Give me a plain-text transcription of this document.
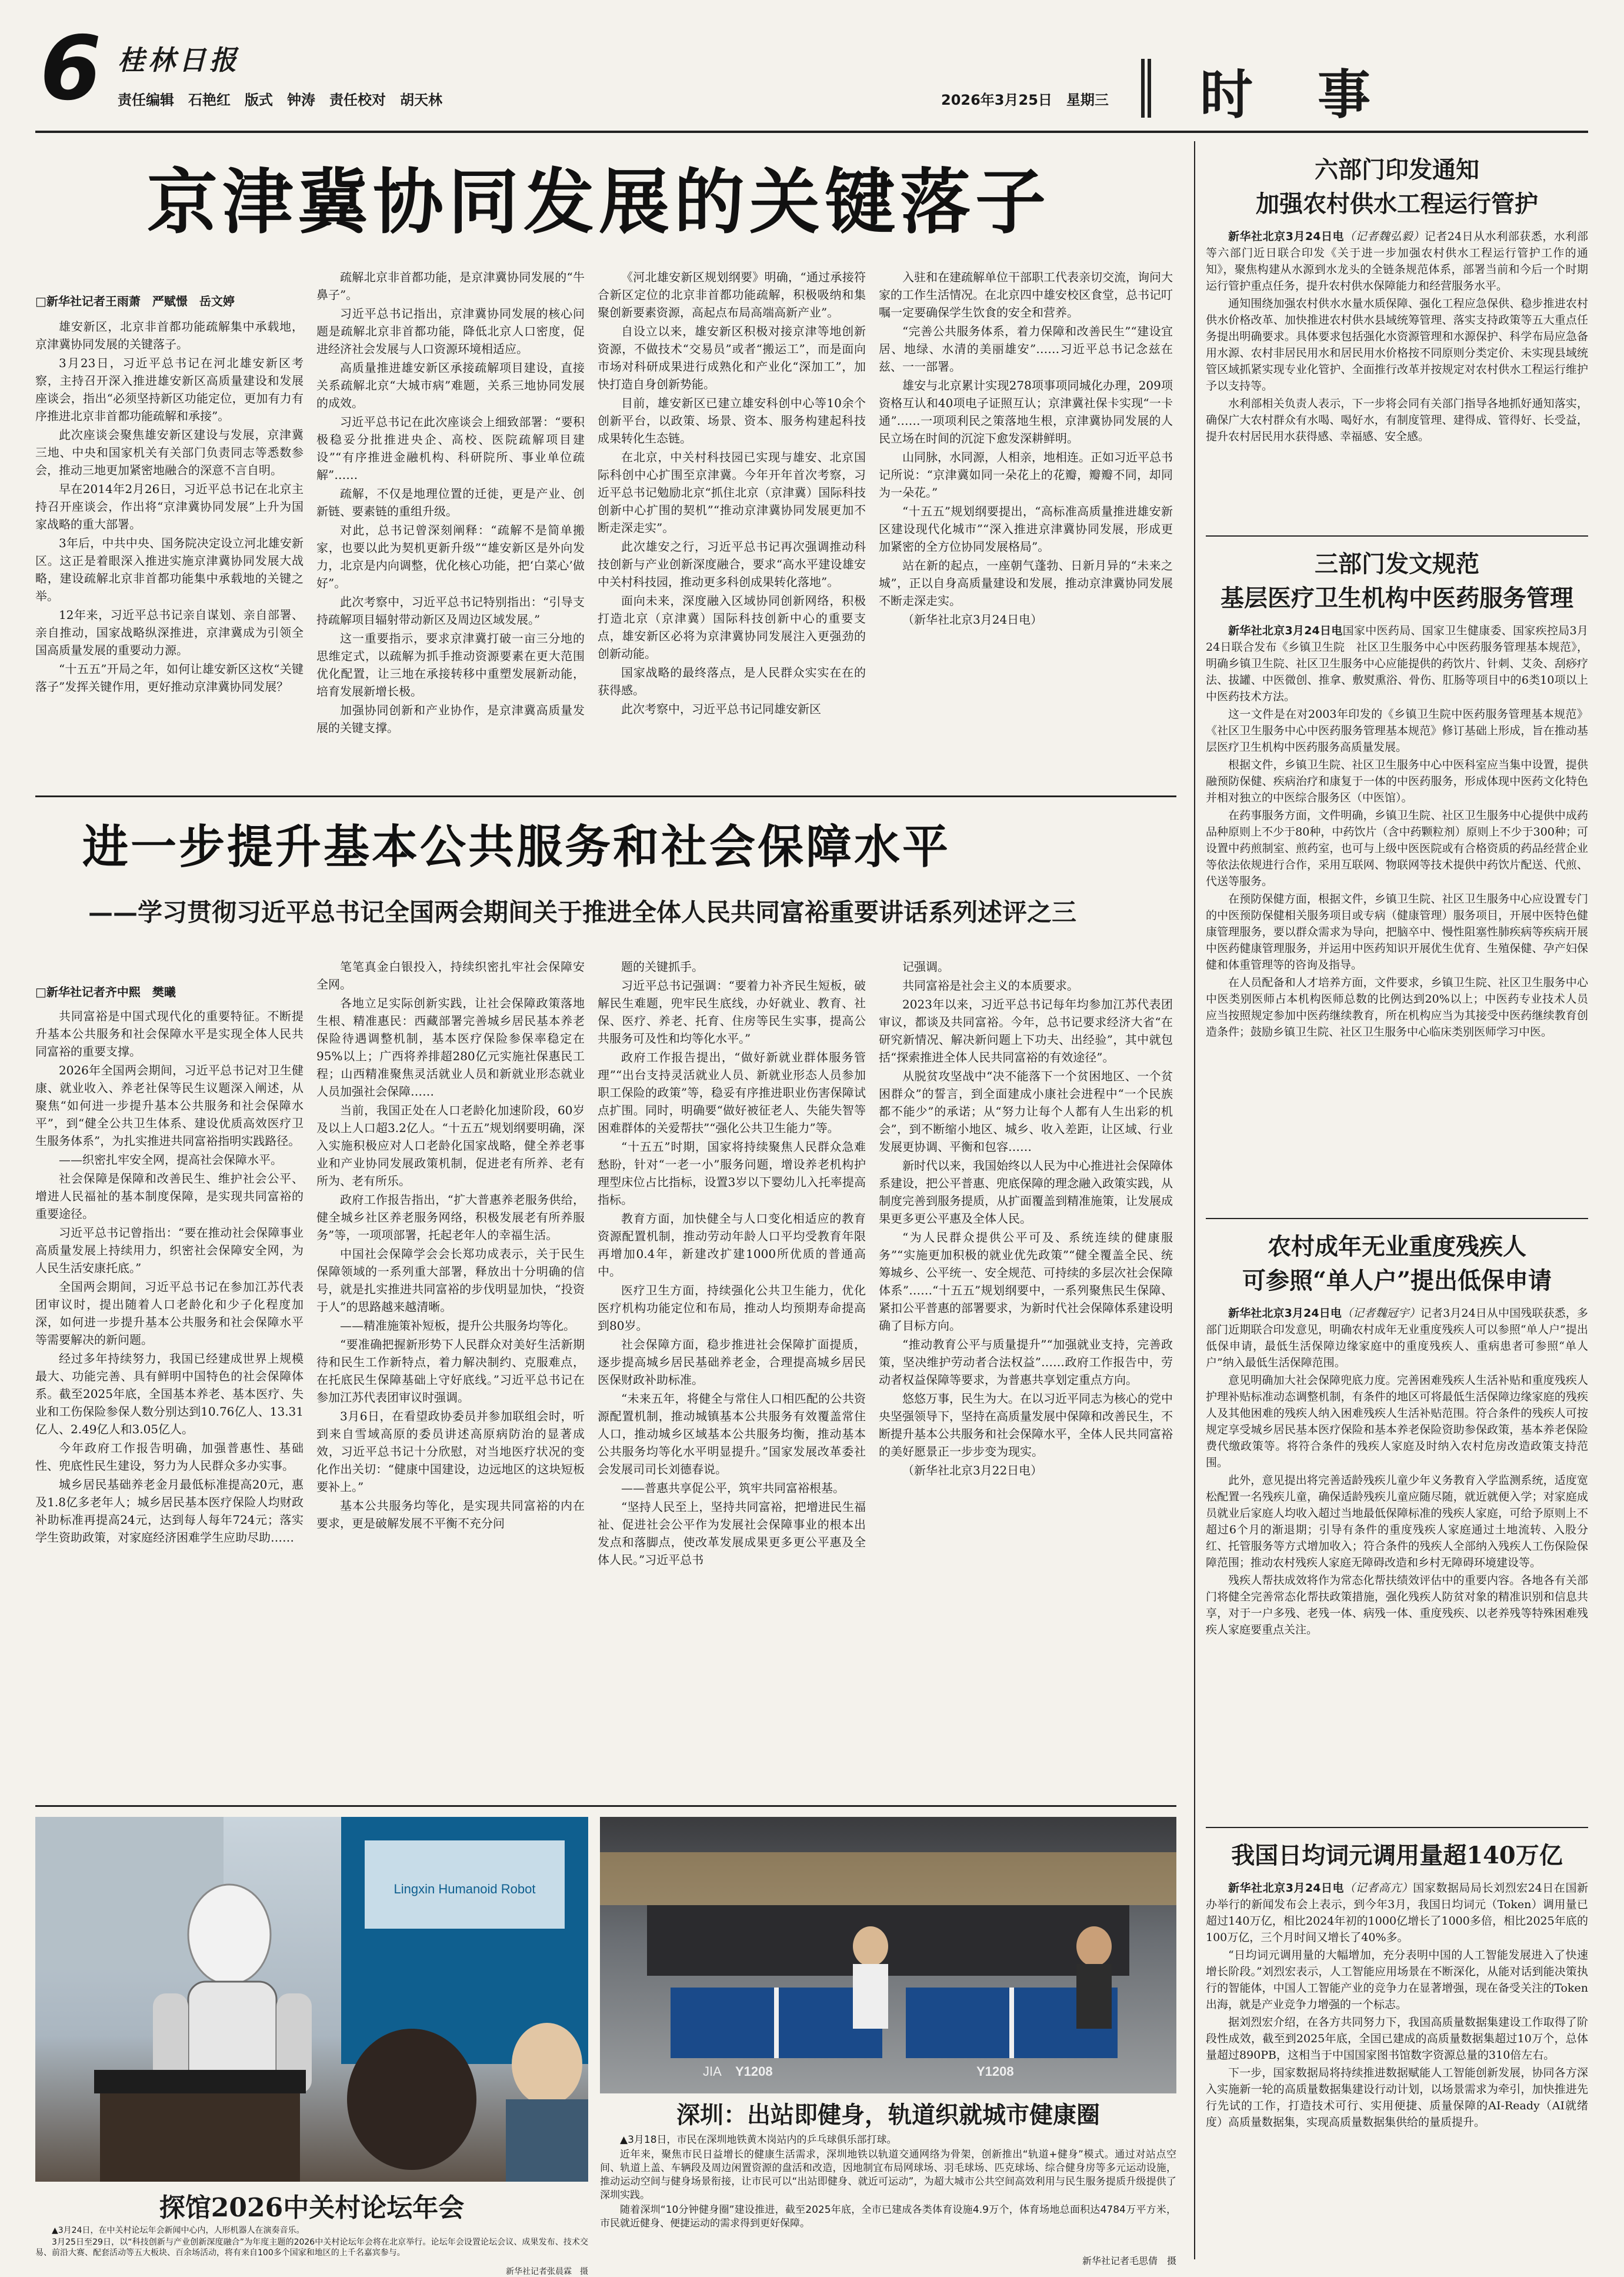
6 桂林日报
责任编辑　石艳红　版式　钟涛　责任校对　胡天林	2026年3月25日　星期三 时　事
京津冀协同发展的关键落子
□新华社记者王雨萧　严赋憬　岳文婷

雄安新区，北京非首都功能疏解集中承载地，京津冀协同发展的关键落子。

3月23日，习近平总书记在河北雄安新区考察，主持召开深入推进雄安新区高质量建设和发展座谈会，指出“必须坚持新区功能定位，更加有力有序推进北京非首都功能疏解和承接”。

此次座谈会聚焦雄安新区建设与发展，京津冀三地、中央和国家机关有关部门负责同志等悉数参会，推动三地更加紧密地融合的深意不言自明。

早在2014年2月26日，习近平总书记在北京主持召开座谈会，作出将“京津冀协同发展”上升为国家战略的重大部署。

3年后，中共中央、国务院决定设立河北雄安新区。这正是着眼深入推进实施京津冀协同发展大战略，建设疏解北京非首都功能集中承载地的关键之举。

12年来，习近平总书记亲自谋划、亲自部署、亲自推动，国家战略纵深推进，京津冀成为引领全国高质量发展的重要动力源。

“十五五”开局之年，如何让雄安新区这枚“关键落子”发挥关键作用，更好推动京津冀协同发展？

疏解北京非首都功能，是京津冀协同发展的“牛鼻子”。

习近平总书记指出，京津冀协同发展的核心问题是疏解北京非首都功能，降低北京人口密度，促进经济社会发展与人口资源环境相适应。

高质量推进雄安新区承接疏解项目建设，直接关系疏解北京“大城市病”难题，关系三地协同发展的成效。

习近平总书记在此次座谈会上细致部署：“要积极稳妥分批推进央企、高校、医院疏解项目建设”“有序推进金融机构、科研院所、事业单位疏解”……

疏解，不仅是地理位置的迁徙，更是产业、创新链、要素链的重组升级。

对此，总书记曾深刻阐释：“疏解不是简单搬家，也要以此为契机更新升级”“雄安新区是外向发力，北京是内向调整，优化核心功能，把‘白菜心’做好”。

此次考察中，习近平总书记特别指出：“引导支持疏解项目辐射带动新区及周边区域发展。”

这一重要指示，要求京津冀打破一亩三分地的思维定式，以疏解为抓手推动资源要素在更大范围优化配置，让三地在承接转移中重塑发展新动能，培育发展新增长极。

加强协同创新和产业协作，是京津冀高质量发展的关键支撑。

《河北雄安新区规划纲要》明确，“通过承接符合新区定位的北京非首都功能疏解，积极吸纳和集聚创新要素资源，高起点布局高端高新产业”。

自设立以来，雄安新区积极对接京津等地创新资源，不做技术“交易员”或者“搬运工”，而是面向市场对科研成果进行成熟化和产业化“深加工”，加快打造自身创新势能。

目前，雄安新区已建立雄安科创中心等10余个创新平台，以政策、场景、资本、服务构建起科技成果转化生态链。

在北京，中关村科技园已实现与雄安、北京国际科创中心扩围至京津冀。今年开年首次考察，习近平总书记勉励北京“抓住北京（京津冀）国际科技创新中心扩围的契机”“推动京津冀协同发展更加不断走深走实”。

此次雄安之行，习近平总书记再次强调推动科技创新与产业创新深度融合，要求“高水平建设雄安中关村科技园，推动更多科创成果转化落地”。

面向未来，深度融入区域协同创新网络，积极打造北京（京津冀）国际科技创新中心的重要支点，雄安新区必将为京津冀协同发展注入更强劲的创新动能。

国家战略的最终落点，是人民群众实实在在的获得感。

此次考察中，习近平总书记同雄安新区

入驻和在建疏解单位干部职工代表亲切交流，询问大家的工作生活情况。在北京四中雄安校区食堂，总书记叮嘱一定要确保学生饮食的安全和营养。

“完善公共服务体系，着力保障和改善民生”“建设宜居、地绿、水清的美丽雄安”……习近平总书记念兹在兹、一一部署。

雄安与北京累计实现278项事项同城化办理，209项资格互认和40项电子证照互认；京津冀社保卡实现“一卡通”……一项项利民之策落地生根，京津冀协同发展的人民立场在时间的沉淀下愈发深耕鲜明。

山同脉，水同源，人相亲，地相连。正如习近平总书记所说：“京津冀如同一朵花上的花瓣，瓣瓣不同，却同为一朵花。”

“十五五”规划纲要提出，“高标准高质量推进雄安新区建设现代化城市”“深入推进京津冀协同发展，形成更加紧密的全方位协同发展格局”。

站在新的起点，一座朝气蓬勃、日新月异的“未来之城”，正以自身高质量建设和发展，推动京津冀协同发展不断走深走实。

（新华社北京3月24日电）

进一步提升基本公共服务和社会保障水平
——学习贯彻习近平总书记全国两会期间关于推进全体人民共同富裕重要讲话系列述评之三
□新华社记者齐中熙　樊曦

共同富裕是中国式现代化的重要特征。不断提升基本公共服务和社会保障水平是实现全体人民共同富裕的重要支撑。

2026年全国两会期间，习近平总书记对卫生健康、就业收入、养老社保等民生议题深入阐述，从聚焦“如何进一步提升基本公共服务和社会保障水平”，到“健全公共卫生体系、建设优质高效医疗卫生服务体系”，为扎实推进共同富裕指明实践路径。

——织密扎牢安全网，提高社会保障水平。

社会保障是保障和改善民生、维护社会公平、增进人民福祉的基本制度保障，是实现共同富裕的重要途径。

习近平总书记曾指出：“要在推动社会保障事业高质量发展上持续用力，织密社会保障安全网，为人民生活安康托底。”

全国两会期间，习近平总书记在参加江苏代表团审议时，提出随着人口老龄化和少子化程度加深，如何进一步提升基本公共服务和社会保障水平等需要解决的新问题。

经过多年持续努力，我国已经建成世界上规模最大、功能完善、具有鲜明中国特色的社会保障体系。截至2025年底，全国基本养老、基本医疗、失业和工伤保险参保人数分别达到10.76亿人、13.31亿人、2.49亿人和3.05亿人。

今年政府工作报告明确，加强普惠性、基础性、兜底性民生建设，努力为人民群众多办实事。

城乡居民基础养老金月最低标准提高20元，惠及1.8亿多老年人；城乡居民基本医疗保险人均财政补助标准再提高24元，达到每人每年724元；落实学生资助政策，对家庭经济困难学生应助尽助……

笔笔真金白银投入，持续织密扎牢社会保障安全网。

各地立足实际创新实践，让社会保障政策落地生根、精准惠民：西藏部署完善城乡居民基本养老保险待遇调整机制，基本医疗保险参保率稳定在95%以上；广西将养排超280亿元实施社保惠民工程；山西精准聚焦灵活就业人员和新就业形态就业人员加强社会保障……

当前，我国正处在人口老龄化加速阶段，60岁及以上人口超3.2亿人。“十五五”规划纲要明确，深入实施积极应对人口老龄化国家战略，健全养老事业和产业协同发展政策机制，促进老有所养、老有所为、老有所乐。

政府工作报告指出，“扩大普惠养老服务供给，健全城乡社区养老服务网络，积极发展老有所养服务”等，一项项部署，托起老年人的幸福生活。

中国社会保障学会会长郑功成表示，关于民生保障领域的一系列重大部署，释放出十分明确的信号，就是扎实推进共同富裕的步伐明显加快，“投资于人”的思路越来越清晰。

——精准施策补短板，提升公共服务均等化。

“要准确把握新形势下人民群众对美好生活新期待和民生工作新特点，着力解决制约、克服难点，在托底民生保障基础上守好底线。”习近平总书记在参加江苏代表团审议时强调。

3月6日，在看望政协委员并参加联组会时，听到来自雪域高原的委员讲述高原病防治的显著成效，习近平总书记十分欣慰，对当地医疗状况的变化作出关切：“健康中国建设，边远地区的这块短板要补上。”

基本公共服务均等化，是实现共同富裕的内在要求，更是破解发展不平衡不充分问

题的关键抓手。

习近平总书记强调：“要着力补齐民生短板，破解民生难题，兜牢民生底线，办好就业、教育、社保、医疗、养老、托育、住房等民生实事，提高公共服务可及性和均等化水平。”

政府工作报告提出，“做好新就业群体服务管理”“出台支持灵活就业人员、新就业形态人员参加职工保险的政策”等，稳妥有序推进职业伤害保障试点扩围。同时，明确要“做好被征老人、失能失智等困难群体的关爱帮扶”“强化公共卫生能力”等。

“十五五”时期，国家将持续聚焦人民群众急难愁盼，针对“一老一小”服务问题，增设养老机构护理型床位占比指标，设置3岁以下婴幼儿入托率提高指标。

教育方面，加快健全与人口变化相适应的教育资源配置机制，推动劳动年龄人口平均受教育年限再增加0.4年，新建改扩建1000所优质的普通高中。

医疗卫生方面，持续强化公共卫生能力，优化医疗机构功能定位和布局，推动人均预期寿命提高到80岁。

社会保障方面，稳步推进社会保障扩面提质，逐步提高城乡居民基础养老金，合理提高城乡居民医保财政补助标准。

“未来五年，将健全与常住人口相匹配的公共资源配置机制，推动城镇基本公共服务有效覆盖常住人口，推动城乡区域基本公共服务均衡，推动基本公共服务均等化水平明显提升。”国家发展改革委社会发展司司长刘德春说。

——普惠共享促公平，筑牢共同富裕根基。

“坚持人民至上，坚持共同富裕，把增进民生福祉、促进社会公平作为发展社会保障事业的根本出发点和落脚点，使改革发展成果更多更公平惠及全体人民。”习近平总书

记强调。

共同富裕是社会主义的本质要求。

2023年以来，习近平总书记每年均参加江苏代表团审议，都谈及共同富裕。今年，总书记要求经济大省“在研究新情况、解决新问题上下功夫、出经验”，其中就包括“探索推进全体人民共同富裕的有效途径”。

从脱贫攻坚战中“决不能落下一个贫困地区、一个贫困群众”的誓言，到全面建成小康社会进程中“一个民族都不能少”的承诺；从“努力让每个人都有人生出彩的机会”，到不断缩小地区、城乡、收入差距，让区域、行业发展更协调、平衡和包容……

新时代以来，我国始终以人民为中心推进社会保障体系建设，把公平普惠、兜底保障的理念融入政策实践，从制度完善到服务提质，从扩面覆盖到精准施策，让发展成果更多更公平惠及全体人民。

“为人民群众提供公平可及、系统连续的健康服务”“实施更加积极的就业优先政策”“健全覆盖全民、统筹城乡、公平统一、安全规范、可持续的多层次社会保障体系”……“十五五”规划纲要中，一系列聚焦民生保障、紧扣公平普惠的部署要求，为新时代社会保障体系建设明确了目标方向。

“推动教育公平与质量提升”“加强就业支持，完善政策，坚决维护劳动者合法权益”……政府工作报告中，劳动者权益保障等要求，为普惠共享划定重点方向。

悠悠万事，民生为大。在以习近平同志为核心的党中央坚强领导下，坚持在高质量发展中保障和改善民生，不断提升基本公共服务和社会保障水平，全体人民共同富裕的美好愿景正一步步变为现实。

（新华社北京3月22日电）

Lingxin Humanoid Robot
探馆2026中关村论坛年会

▲3月24日，在中关村论坛年会新闻中心内，人形机器人在演奏音乐。

3月25日至29日，以“科技创新与产业创新深度融合”为年度主题的2026中关村论坛年会将在北京举行。论坛年会设置论坛会议、成果发布、技术交易、前沿大赛、配套活动等五大板块、百余场活动，将有来自100多个国家和地区的上千名嘉宾参与。

新华社记者张晨霖　摄
JIA Y1208	Y1208
深圳：出站即健身，轨道织就城市健康圈

▲3月18日，市民在深圳地铁黄木岗站内的乒乓球俱乐部打球。

近年来，聚焦市民日益增长的健康生活需求，深圳地铁以轨道交通网络为骨架，创新推出“轨道+健身”模式。通过对站点空间、轨道上盖、车辆段及周边闲置资源的盘活和改造，因地制宜布局网球场、羽毛球场、匹克球场、综合健身房等多元运动设施，推动运动空间与健身场景衔接，让市民可以“出站即健身、就近可运动”，为超大城市公共空间高效利用与民生服务提质升级提供了深圳实践。

随着深圳“10分钟健身圈”建设推进，截至2025年底，全市已建成各类体育设施4.9万个，体育场地总面积达4784万平方米，市民就近健身、便捷运动的需求得到更好保障。

新华社记者毛思倩　摄
六部门印发通知
加强农村供水工程运行管护

新华社北京3月24日电（记者魏弘毅）记者24日从水利部获悉，水利部等六部门近日联合印发《关于进一步加强农村供水工程运行管护工作的通知》，聚焦构建从水源到水龙头的全链条规范体系，部署当前和今后一个时期运行管护重点任务，提升农村供水保障能力和经营服务水平。

通知围绕加强农村供水水量水质保障、强化工程应急保供、稳步推进农村供水价格改革、加快推进农村供水县域统筹管理、落实支持政策等五大重点任务提出明确要求。具体要求包括强化水资源管理和水源保护、科学布局应急备用水源、农村非居民用水和居民用水价格按不同原则分类定价、未实现县域统管区域抓紧实现专业化管护、全面推行改革并按规定对农村供水工程运行维护予以支持等。

水利部相关负责人表示，下一步将会同有关部门指导各地抓好通知落实，确保广大农村群众有水喝、喝好水，有制度管理、建得成、管得好、长受益，提升农村居民用水获得感、幸福感、安全感。

三部门发文规范
基层医疗卫生机构中医药服务管理

新华社北京3月24日电国家中医药局、国家卫生健康委、国家疾控局3月24日联合发布《乡镇卫生院　社区卫生服务中心中医药服务管理基本规范》，明确乡镇卫生院、社区卫生服务中心应能提供的药饮片、针刺、艾灸、刮痧疗法、拔罐、中医微创、推拿、敷熨熏浴、骨伤、肛肠等项目中的6类10项以上中医药技术方法。

这一文件是在对2003年印发的《乡镇卫生院中医药服务管理基本规范》《社区卫生服务中心中医药服务管理基本规范》修订基础上形成，旨在推动基层医疗卫生机构中医药服务高质量发展。

根据文件，乡镇卫生院、社区卫生服务中心中医科室应当集中设置，提供融预防保健、疾病治疗和康复于一体的中医药服务，形成体现中医药文化特色并相对独立的中医综合服务区（中医馆）。

在药事服务方面，文件明确，乡镇卫生院、社区卫生服务中心提供中成药品种原则上不少于80种，中药饮片（含中药颗粒剂）原则上不少于300种；可设置中药煎制室、煎药室，也可与上级中医医院或有合格资质的药品经营企业等依法依规进行合作，采用互联网、物联网等技术提供中药饮片配送、代煎、代送等服务。

在预防保健方面，根据文件，乡镇卫生院、社区卫生服务中心应设置专门的中医预防保健相关服务项目或专病（健康管理）服务项目，开展中医特色健康管理服务，要以群众需求为导向，把脑卒中、慢性阻塞性肺疾病等疾病开展中医药健康管理服务，并运用中医药知识开展优生优育、生殖保健、孕产妇保健和体重管理等的咨询及指导。

在人员配备和人才培养方面，文件要求，乡镇卫生院、社区卫生服务中心中医类别医师占本机构医师总数的比例达到20%以上；中医药专业技术人员应当按照规定参加中医药继续教育，所在机构应当为其接受中医药继续教育创造条件；鼓励乡镇卫生院、社区卫生服务中心临床类别医师学习中医。

农村成年无业重度残疾人
可参照“单人户”提出低保申请

新华社北京3月24日电（记者魏冠宇）记者3月24日从中国残联获悉，多部门近期联合印发意见，明确农村成年无业重度残疾人可以参照“单人户”提出低保申请，最低生活保障边缘家庭中的重度残疾人、重病患者可参照“单人户”纳入最低生活保障范围。

意见明确加大社会保障兜底力度。完善困难残疾人生活补贴和重度残疾人护理补贴标准动态调整机制，有条件的地区可将最低生活保障边缘家庭的残疾人及其他困难的残疾人纳入困难残疾人生活补贴范围。符合条件的残疾人可按规定享受城乡居民基本医疗保险和基本养老保险资助参保政策，基本养老保险费代缴政策等。将符合条件的残疾人家庭及时纳入农村危房改造政策支持范围。

此外，意见提出将完善适龄残疾儿童少年义务教育入学监测系统，适度宽松配置一名残疾儿童，确保适龄残疾儿童应随尽随，就近就便入学；对家庭成员就业后家庭人均收入超过当地最低保障标准的残疾人家庭，可给予原则上不超过6个月的渐退期；引导有条件的重度残疾人家庭通过土地流转、入股分红、托管服务等方式增加收入；符合条件的残疾人全部纳入残疾人工伤保险保障范围；推动农村残疾人家庭无障碍改造和乡村无障碍环境建设等。

残疾人帮扶成效将作为常态化帮扶绩效评估中的重要内容。各地各有关部门将健全完善常态化帮扶政策措施，强化残疾人防贫对象的精准识别和信息共享，对于一户多残、老残一体、病残一体、重度残疾、以老养残等特殊困难残疾人家庭要重点关注。

我国日均词元调用量超140万亿

新华社北京3月24日电（记者高亢）国家数据局局长刘烈宏24日在国新办举行的新闻发布会上表示，到今年3月，我国日均词元（Token）调用量已超过140万亿，相比2024年初的1000亿增长了1000多倍，相比2025年底的100万亿，三个月时间又增长了40%多。

“日均词元调用量的大幅增加，充分表明中国的人工智能发展进入了快速增长阶段。”刘烈宏表示，人工智能应用场景在不断深化，从能对话到能决策执行的智能体，中国人工智能产业的竞争力在显著增强，现在备受关注的Token出海，就是产业竞争力增强的一个标志。

据刘烈宏介绍，在各方共同努力下，我国高质量数据集建设工作取得了阶段性成效，截至到2025年底，全国已建成的高质量数据集超过10万个，总体量超过890PB，这相当于中国国家图书馆数字资源总量的310倍左右。

下一步，国家数据局将持续推进数据赋能人工智能创新发展，协同各方深入实施新一轮的高质量数据集建设行动计划，以场景需求为牵引，加快推进先行先试的工作，打造技术可行、实用便捷、质量保障的AI-Ready（AI就绪度）高质量数据集，实现高质量数据集供给的量质提升。
